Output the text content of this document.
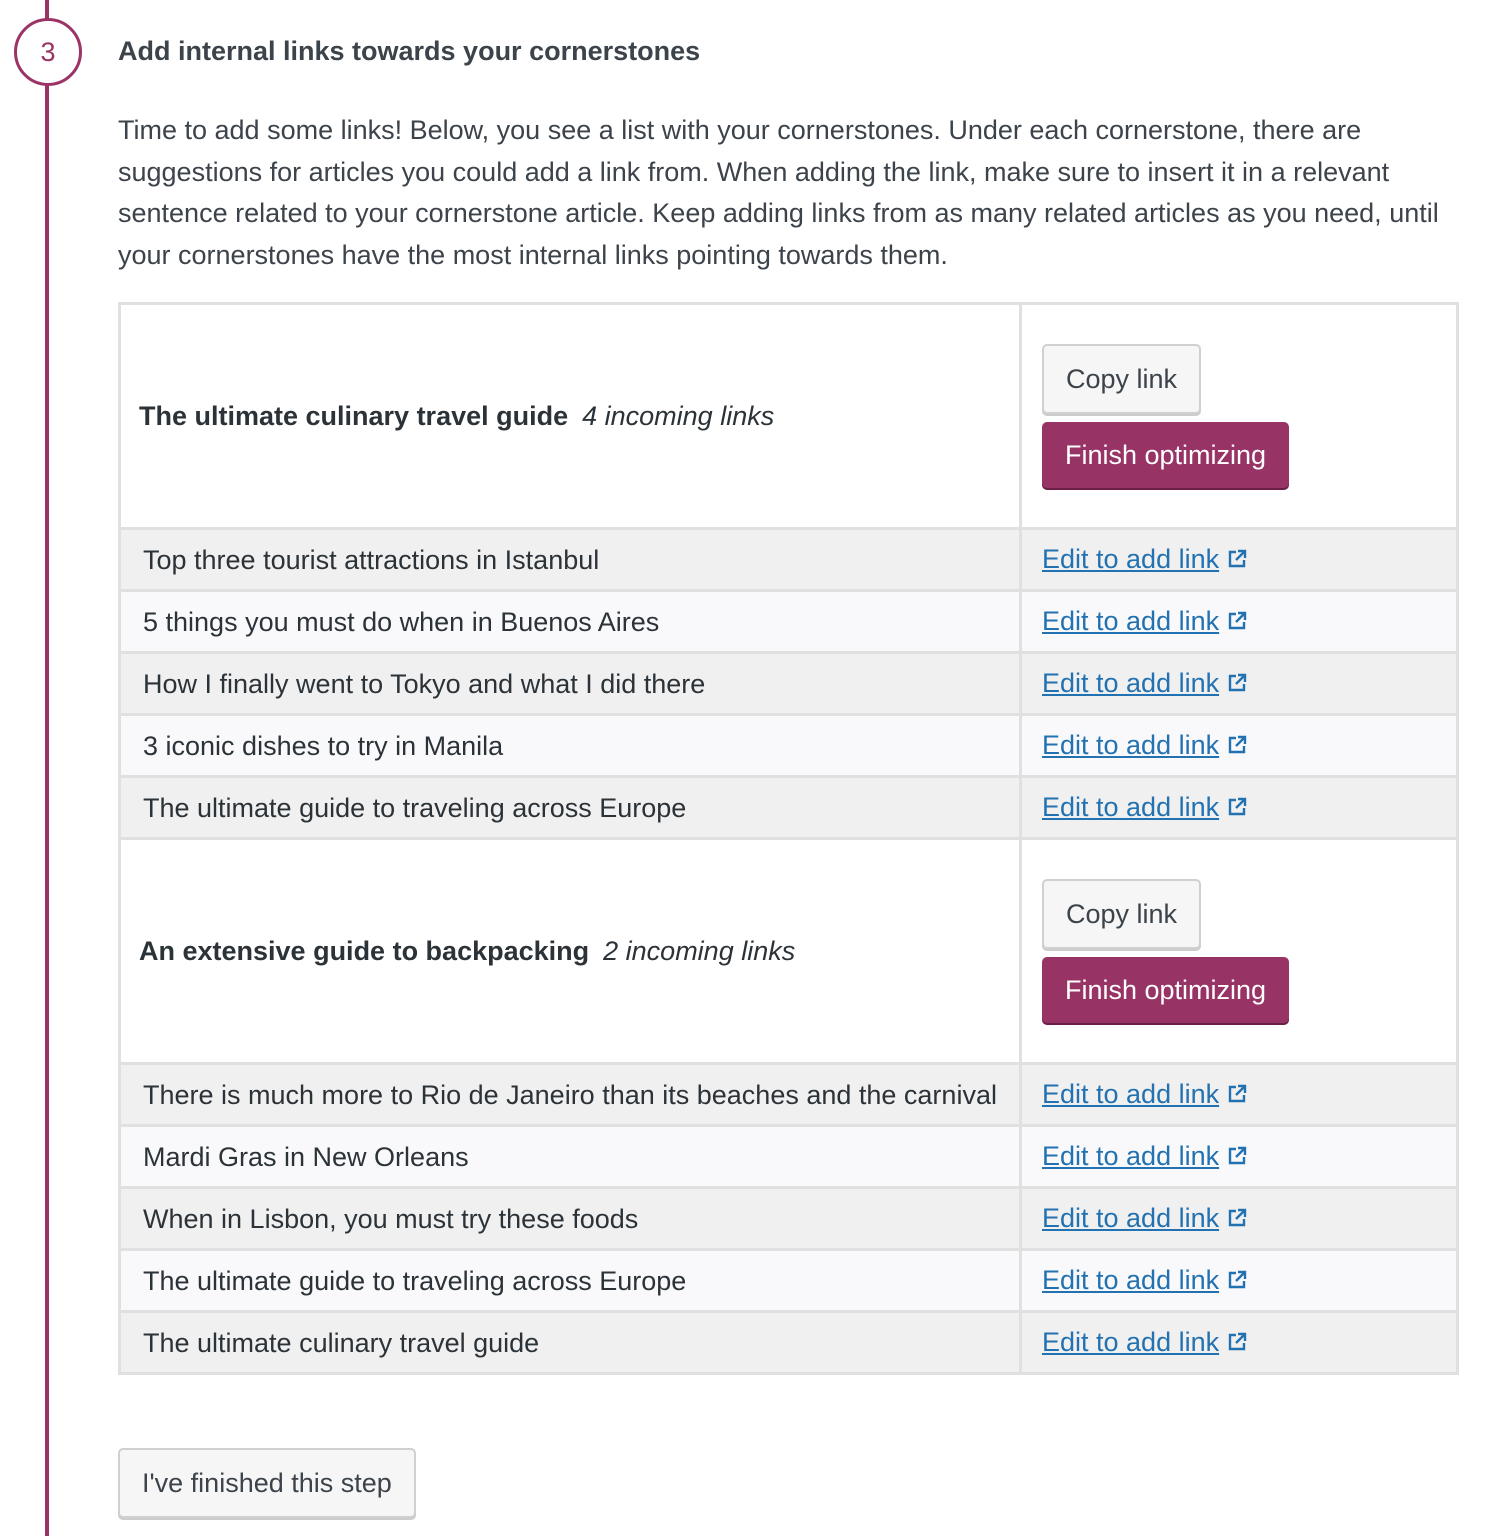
3	Add internal links towards your cornerstones
Time to add some links! Below, you see a list with your cornerstones. Under each cornerstone, there are suggestions for articles you could add a link from. When adding the link, make sure to insert it in a relevant sentence related to your cornerstone article. Keep adding links from as many related articles as you need, until your cornerstones have the most internal links pointing towards them.
The ultimate culinary travel guide 4 incoming links	Copy link
Finish optimizing

Top three tourist attractions in Istanbul	Edit to add link
5 things you must do when in Buenos Aires	Edit to add link
How I finally went to Tokyo and what I did there	Edit to add link
3 iconic dishes to try in Manila	Edit to add link
The ultimate guide to traveling across Europe	Edit to add link
An extensive guide to backpacking 2 incoming links	Copy link
Finish optimizing

There is much more to Rio de Janeiro than its beaches and the carnival	Edit to add link
Mardi Gras in New Orleans	Edit to add link
When in Lisbon, you must try these foods	Edit to add link
The ultimate guide to traveling across Europe	Edit to add link
The ultimate culinary travel guide	Edit to add link
I've finished this step
